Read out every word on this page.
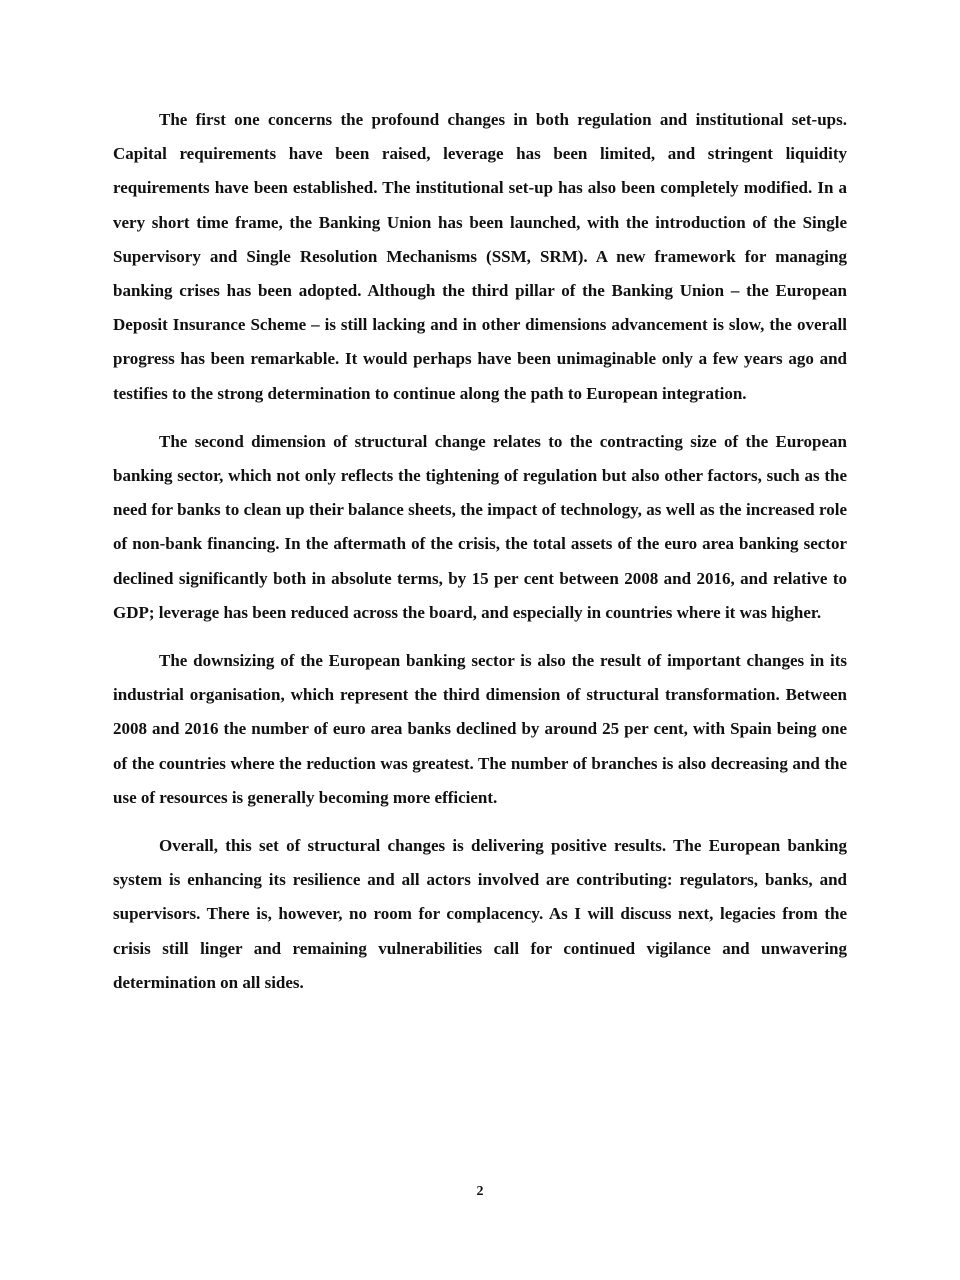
The first one concerns the profound changes in both regulation and institutional set-ups. Capital requirements have been raised, leverage has been limited, and stringent liquidity requirements have been established. The institutional set-up has also been completely modified. In a very short time frame, the Banking Union has been launched, with the introduction of the Single Supervisory and Single Resolution Mechanisms (SSM, SRM). A new framework for managing banking crises has been adopted. Although the third pillar of the Banking Union – the European Deposit Insurance Scheme – is still lacking and in other dimensions advancement is slow, the overall progress has been remarkable. It would perhaps have been unimaginable only a few years ago and testifies to the strong determination to continue along the path to European integration.

The second dimension of structural change relates to the contracting size of the European banking sector, which not only reflects the tightening of regulation but also other factors, such as the need for banks to clean up their balance sheets, the impact of technology, as well as the increased role of non-bank financing. In the aftermath of the crisis, the total assets of the euro area banking sector declined significantly both in absolute terms, by 15 per cent between 2008 and 2016, and relative to GDP; leverage has been reduced across the board, and especially in countries where it was higher.

The downsizing of the European banking sector is also the result of important changes in its industrial organisation, which represent the third dimension of structural transformation. Between 2008 and 2016 the number of euro area banks declined by around 25 per cent, with Spain being one of the countries where the reduction was greatest. The number of branches is also decreasing and the use of resources is generally becoming more efficient.

Overall, this set of structural changes is delivering positive results. The European banking system is enhancing its resilience and all actors involved are contributing: regulators, banks, and supervisors. There is, however, no room for complacency. As I will discuss next, legacies from the crisis still linger and remaining vulnerabilities call for continued vigilance and unwavering determination on all sides.

2
